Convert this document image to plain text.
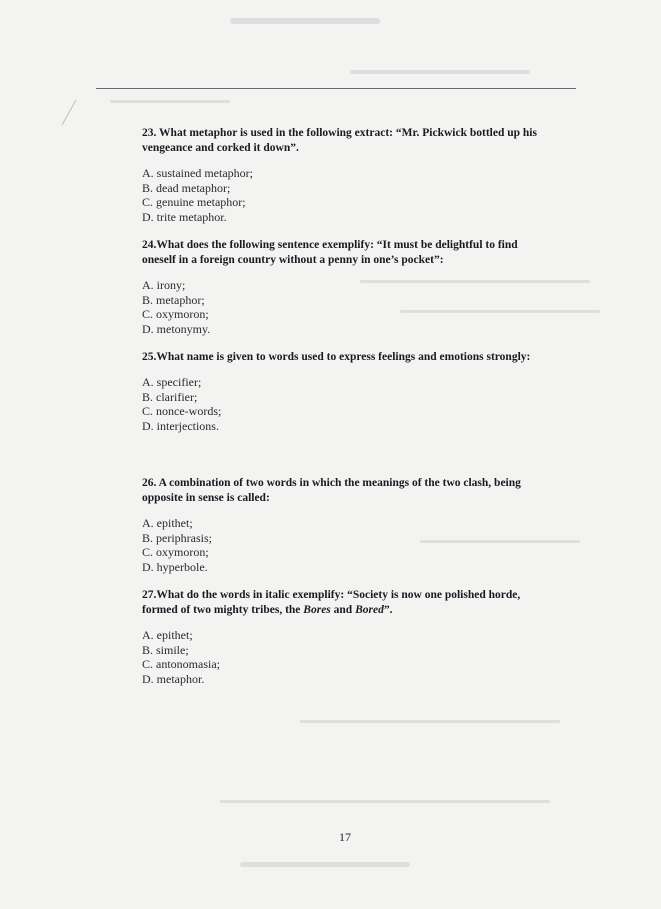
23. What metaphor is used in the following extract: “Mr. Pickwick bottled up his vengeance and corked it down”.

A. sustained metaphor;
B. dead metaphor;
C. genuine metaphor;
D. trite metaphor.

24.What does the following sentence exemplify: “It must be delightful to find oneself in a foreign country without a penny in one’s pocket”:

A. irony;
B. metaphor;
C. oxymoron;
D. metonymy.

25.What name is given to words used to express feelings and emotions strongly:

A. specifier;
B. clarifier;
C. nonce-words;
D. interjections.

26. A combination of two words in which the meanings of the two clash, being opposite in sense is called:

A. epithet;
B. periphrasis;
C. oxymoron;
D. hyperbole.

27.What do the words in italic exemplify: “Society is now one polished horde, formed of two mighty tribes, the Bores and Bored”.

A. epithet;
B. simile;
C. antonomasia;
D. metaphor.
17
